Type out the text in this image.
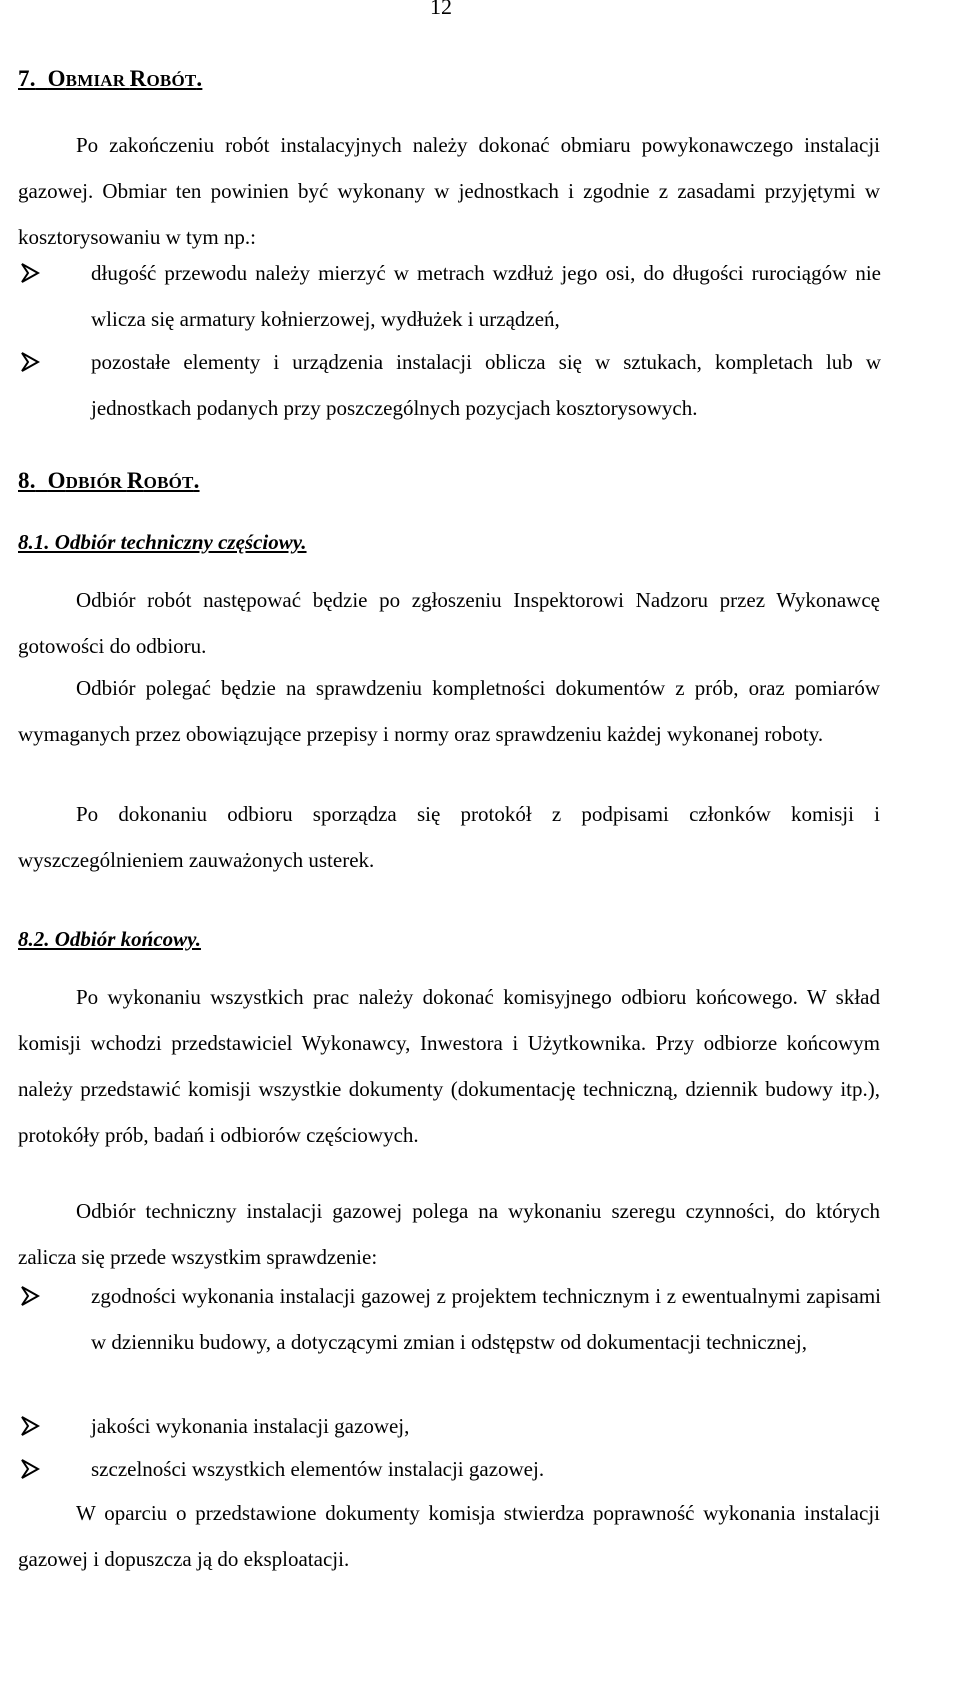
12
7. OBMIAR ROBÓT.
Po zakończeniu robót instalacyjnych należy dokonać obmiaru powykonawczego instalacji gazowej. Obmiar ten powinien być wykonany w jednostkach i zgodnie z zasadami przyjętymi w kosztorysowaniu w tym np.:
długość przewodu należy mierzyć w metrach wzdłuż jego osi, do długości rurociągów nie wlicza się armatury kołnierzowej, wydłużek i urządzeń,
pozostałe elementy i urządzenia instalacji oblicza się w sztukach, kompletach lub w jednostkach podanych przy poszczególnych pozycjach kosztorysowych.
8. ODBIÓR ROBÓT.
8.1. Odbiór techniczny częściowy.
Odbiór robót następować będzie po zgłoszeniu Inspektorowi Nadzoru przez Wykonawcę gotowości do odbioru.
Odbiór polegać będzie na sprawdzeniu kompletności dokumentów z prób, oraz pomiarów wymaganych przez obowiązujące przepisy i normy oraz sprawdzeniu każdej wykonanej roboty.
Po dokonaniu odbioru sporządza się protokół z podpisami członków komisji i wyszczególnieniem zauważonych usterek.
8.2. Odbiór końcowy.
Po wykonaniu wszystkich prac należy dokonać komisyjnego odbioru końcowego. W skład komisji wchodzi przedstawiciel Wykonawcy, Inwestora i Użytkownika. Przy odbiorze końcowym należy przedstawić komisji wszystkie dokumenty (dokumentację techniczną, dziennik budowy itp.), protokóły prób, badań i odbiorów częściowych.
Odbiór techniczny instalacji gazowej polega na wykonaniu szeregu czynności, do których zalicza się przede wszystkim sprawdzenie:
zgodności wykonania instalacji gazowej z projektem technicznym i z ewentualnymi zapisami w dzienniku budowy, a dotyczącymi zmian i odstępstw od dokumentacji technicznej,
jakości wykonania instalacji gazowej,
szczelności wszystkich elementów instalacji gazowej.
W oparciu o przedstawione dokumenty komisja stwierdza poprawność wykonania instalacji gazowej i dopuszcza ją do eksploatacji.
